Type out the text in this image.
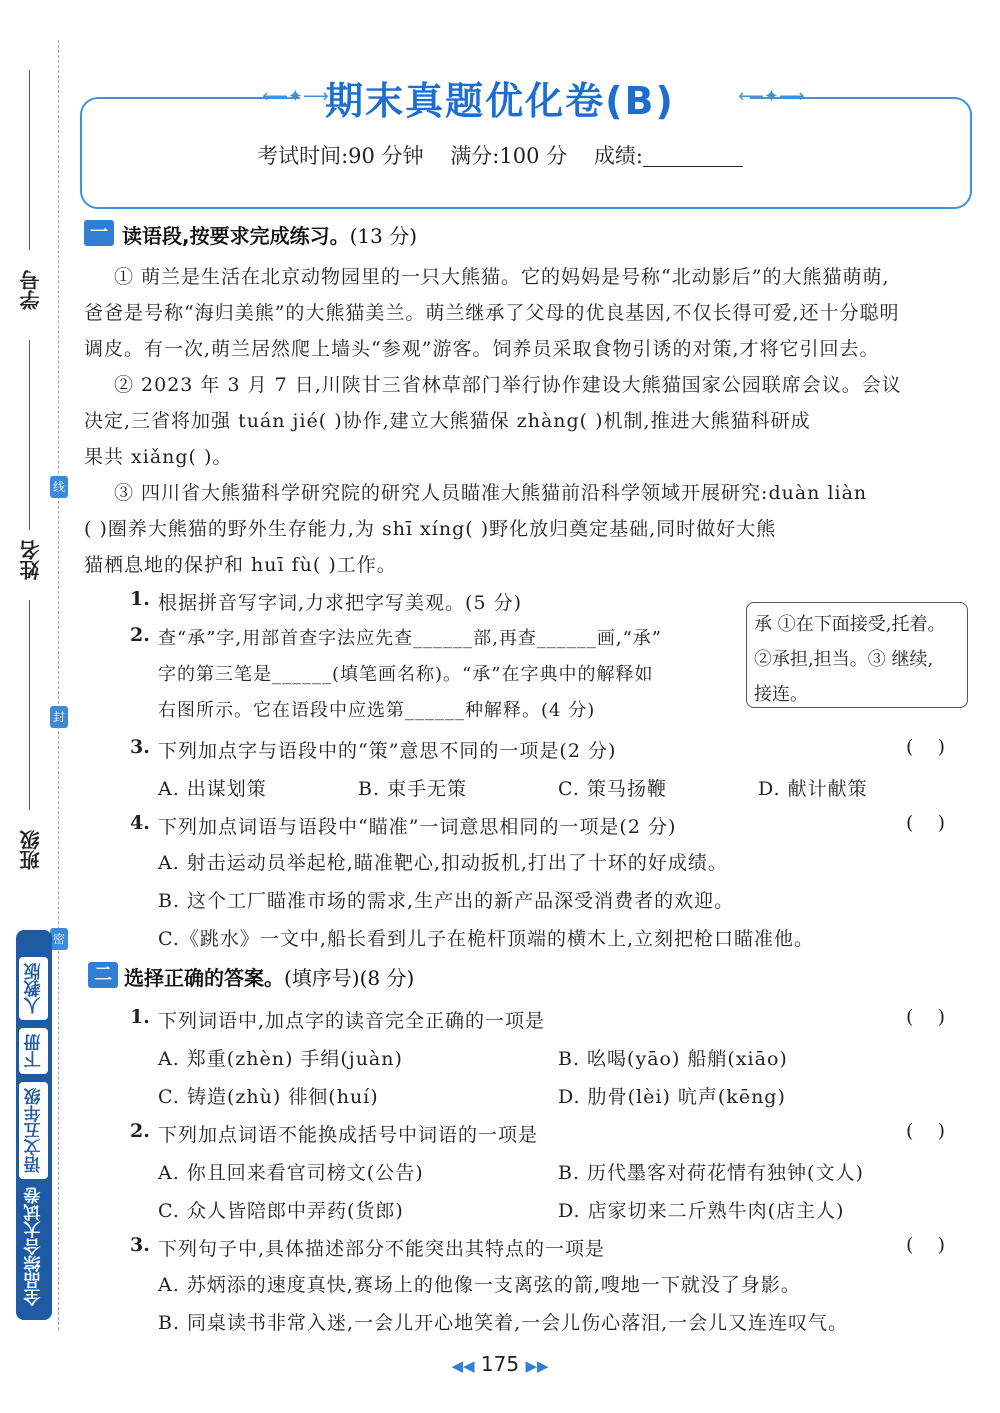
学号
姓名
班级
线
封
密
全品综合大试卷
语文五年级
下册
人教版
⟵✦⟶	⟵✦⟶
期末真题优化卷(B)
考试时间:90 分钟 满分:100 分 成绩:
一 读语段,按要求完成练习。(13 分)
① 萌兰是生活在北京动物园里的一只大熊猫。它的妈妈是号称“北动影后”的大熊猫萌萌,
爸爸是号称“海归美熊”的大熊猫美兰。萌兰继承了父母的优良基因,不仅长得可爱,还十分聪明
调皮。有一次,萌兰居然爬上墙头“参观”游客。饲养员采取食物引诱的对策,才将它引回去。
② 2023 年 3 月 7 日,川陕甘三省林草部门举行协作建设大熊猫国家公园联席会议。会议
决定,三省将加强 tuán jié( )协作,建立大熊猫保 zhàng( )机制,推进大熊猫科研成
果共 xiǎng( )。
③ 四川省大熊猫科学研究院的研究人员瞄准大熊猫前沿科学领域开展研究:duàn liàn
( )圈养大熊猫的野外生存能力,为 shī xíng( )野化放归奠定基础,同时做好大熊
猫栖息地的保护和 huī fù( )工作。
1. 根据拼音写字词,力求把字写美观。(5 分)
2. 查“承”字,用部首查字法应先查______部,再查______画,“承”
字的第三笔是______(填笔画名称)。“承”在字典中的解释如
右图所示。它在语段中应选第______种解释。(4 分)
承 ①在下面接受,托着。
②承担,担当。③ 继续,
接连。
3. 下列加点字与语段中的“策”意思不同的一项是(2 分)	(    )
A. 出谋划策	B. 束手无策	C. 策马扬鞭	D. 献计献策
4. 下列加点词语与语段中“瞄准”一词意思相同的一项是(2 分)	(    )
A. 射击运动员举起枪,瞄准靶心,扣动扳机,打出了十环的好成绩。
B. 这个工厂瞄准市场的需求,生产出的新产品深受消费者的欢迎。
C.《跳水》一文中,船长看到儿子在桅杆顶端的横木上,立刻把枪口瞄准他。
二 选择正确的答案。(填序号)(8 分)
1. 下列词语中,加点字的读音完全正确的一项是	(    )
A. 郑重(zhèn) 手绢(juàn)	B. 吆喝(yāo) 船艄(xiāo)
C. 铸造(zhù) 徘徊(huí)	D. 肋骨(lèi) 吭声(kēng)
2. 下列加点词语不能换成括号中词语的一项是	(    )
A. 你且回来看官司榜文(公告)	B. 历代墨客对荷花情有独钟(文人)
C. 众人皆陪郎中弄药(货郎)	D. 店家切来二斤熟牛肉(店主人)
3. 下列句子中,具体描述部分不能突出其特点的一项是	(    )
A. 苏炳添的速度真快,赛场上的他像一支离弦的箭,嗖地一下就没了身影。
B. 同桌读书非常入迷,一会儿开心地笑着,一会儿伤心落泪,一会儿又连连叹气。
◀◀ 175 ▶▶
